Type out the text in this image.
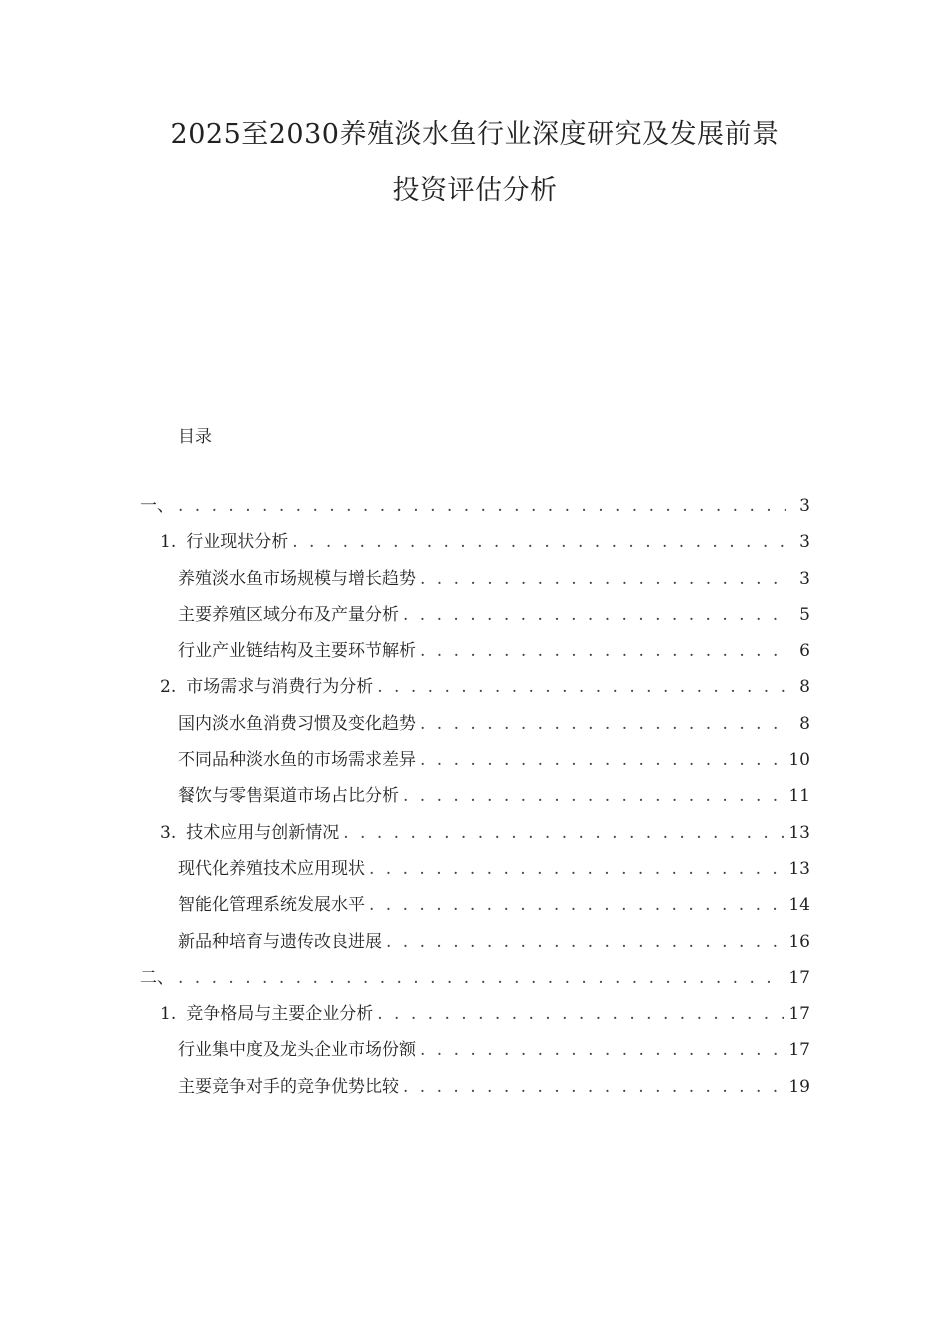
2025至2030养殖淡水鱼行业深度研究及发展前景
投资评估分析
目录
一、 . . .	3
1. 行业现状分析 . . .	3
养殖淡水鱼市场规模与增长趋势 . . .	3
主要养殖区域分布及产量分析 . . .	5
行业产业链结构及主要环节解析 . . .	6
2. 市场需求与消费行为分析 . . .	8
国内淡水鱼消费习惯及变化趋势 . . .	8
不同品种淡水鱼的市场需求差异 . . .	10
餐饮与零售渠道市场占比分析 . . .	11
3. 技术应用与创新情况 . . .	13
现代化养殖技术应用现状 . . .	13
智能化管理系统发展水平 . . .	14
新品种培育与遗传改良进展 . . .	16
二、 . . .	17
1. 竞争格局与主要企业分析 . . .	17
行业集中度及龙头企业市场份额 . . .	17
主要竞争对手的竞争优势比较 . . .	19
